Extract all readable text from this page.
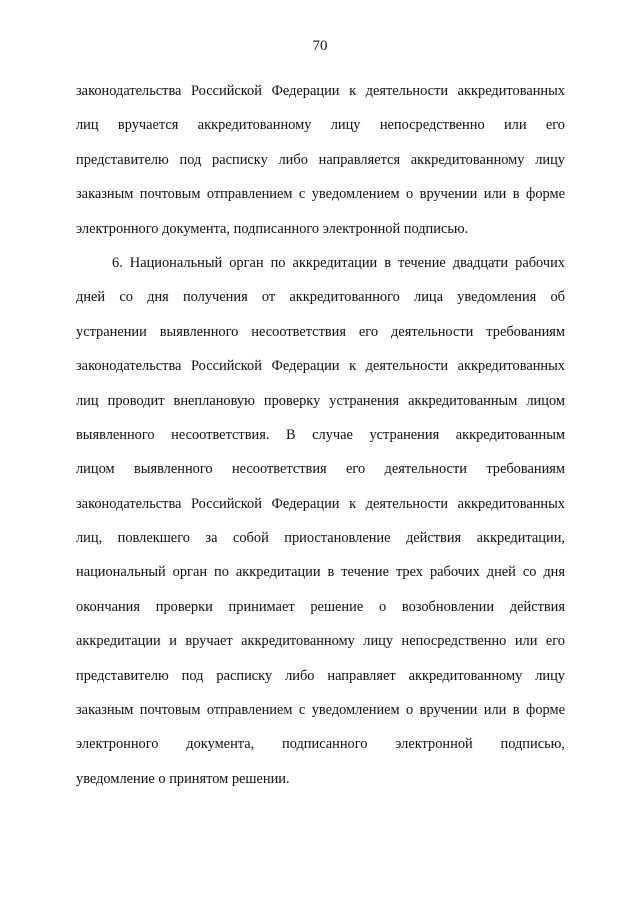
70
законодательства Российской Федерации к деятельности аккредитованных
лиц вручается аккредитованному лицу непосредственно или его
представителю под расписку либо направляется аккредитованному лицу
заказным почтовым отправлением с уведомлением о вручении или в форме
электронного документа, подписанного электронной подписью.
6. Национальный орган по аккредитации в течение двадцати рабочих
дней со дня получения от аккредитованного лица уведомления об
устранении выявленного несоответствия его деятельности требованиям
законодательства Российской Федерации к деятельности аккредитованных
лиц проводит внеплановую проверку устранения аккредитованным лицом
выявленного несоответствия. В случае устранения аккредитованным
лицом выявленного несоответствия его деятельности требованиям
законодательства Российской Федерации к деятельности аккредитованных
лиц, повлекшего за собой приостановление действия аккредитации,
национальный орган по аккредитации в течение трех рабочих дней со дня
окончания проверки принимает решение о возобновлении действия
аккредитации и вручает аккредитованному лицу непосредственно или его
представителю под расписку либо направляет аккредитованному лицу
заказным почтовым отправлением с уведомлением о вручении или в форме
электронного документа, подписанного электронной подписью,
уведомление о принятом решении.
